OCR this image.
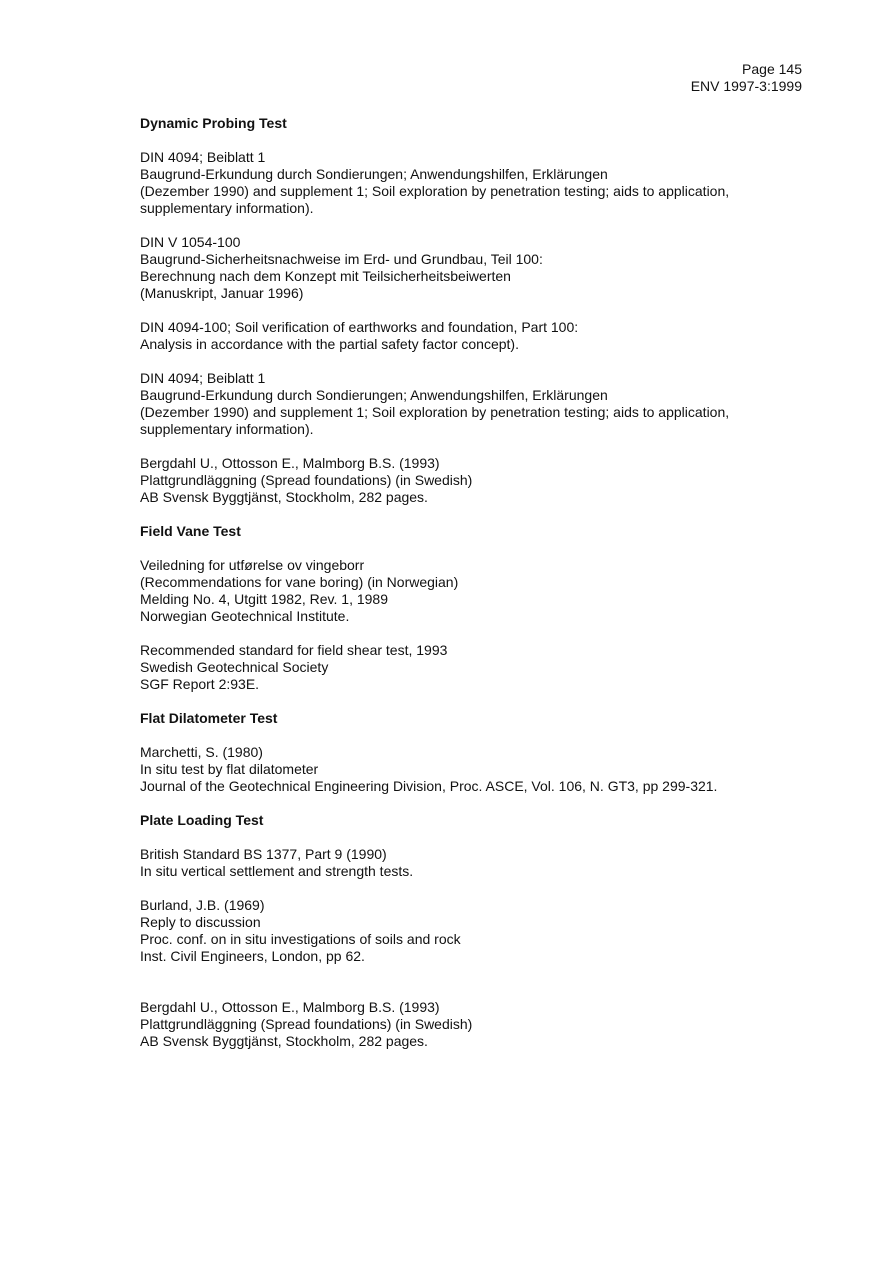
Page 145
ENV 1997-3:1999
Dynamic Probing Test
DIN 4094; Beiblatt 1
Baugrund-Erkundung durch Sondierungen; Anwendungshilfen, Erklärungen
(Dezember 1990) and supplement 1; Soil exploration by penetration testing; aids to application,
supplementary information).
DIN V 1054-100
Baugrund-Sicherheitsnachweise im Erd- und Grundbau, Teil 100:
Berechnung nach dem Konzept mit Teilsicherheitsbeiwerten
(Manuskript, Januar 1996)
DIN 4094-100; Soil verification of earthworks and foundation, Part 100:
Analysis in accordance with the partial safety factor concept).
DIN 4094; Beiblatt 1
Baugrund-Erkundung durch Sondierungen; Anwendungshilfen, Erklärungen
(Dezember 1990) and supplement 1; Soil exploration by penetration testing; aids to application,
supplementary information).
Bergdahl U., Ottosson E., Malmborg B.S. (1993)
Plattgrundläggning (Spread foundations) (in Swedish)
AB Svensk Byggtjänst, Stockholm, 282 pages.
Field Vane Test
Veiledning for utførelse ov vingeborr
(Recommendations for vane boring) (in Norwegian)
Melding No. 4, Utgitt 1982, Rev. 1, 1989
Norwegian Geotechnical Institute.
Recommended standard for field shear test, 1993
Swedish Geotechnical Society
SGF Report 2:93E.
Flat Dilatometer Test
Marchetti, S. (1980)
In situ test by flat dilatometer
Journal of the Geotechnical Engineering Division, Proc. ASCE, Vol. 106, N. GT3, pp 299-321.
Plate Loading Test
British Standard BS 1377, Part 9 (1990)
In situ vertical settlement and strength tests.
Burland, J.B. (1969)
Reply to discussion
Proc. conf. on in situ investigations of soils and rock
Inst. Civil Engineers, London, pp 62.
Bergdahl U., Ottosson E., Malmborg B.S. (1993)
Plattgrundläggning (Spread foundations) (in Swedish)
AB Svensk Byggtjänst, Stockholm, 282 pages.
